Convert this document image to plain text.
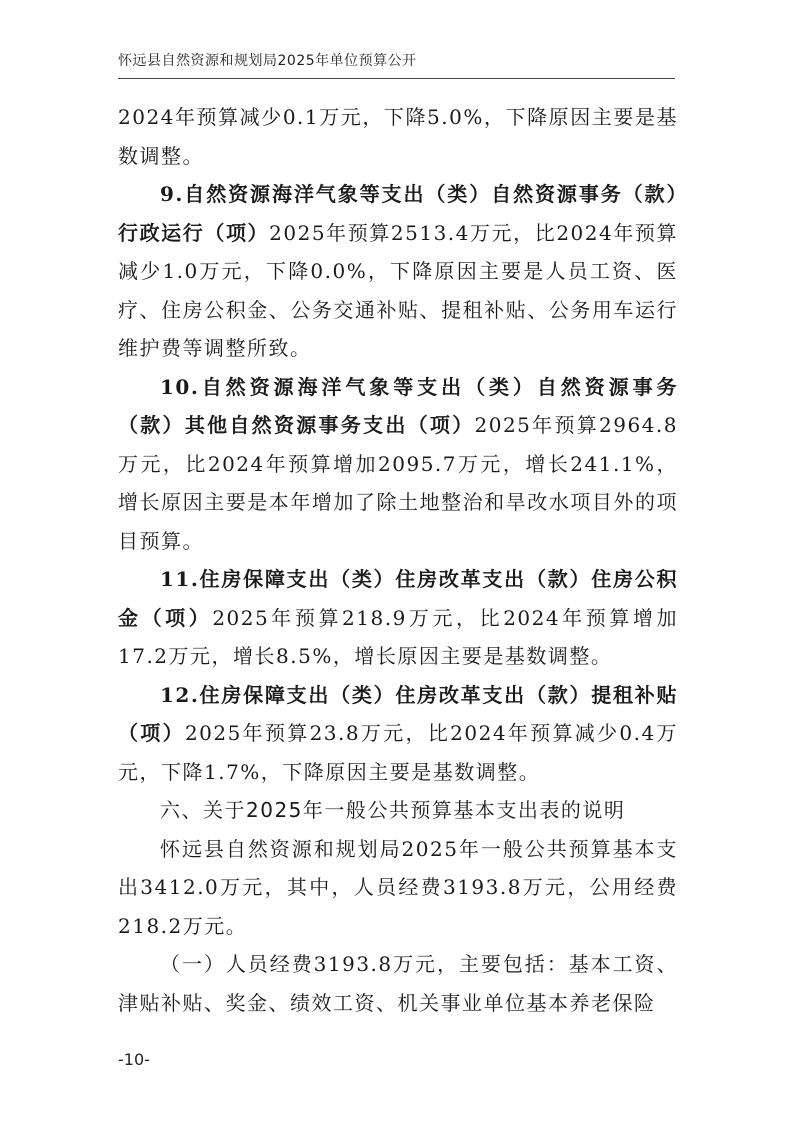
怀远县自然资源和规划局2025年单位预算公开

2024年预算减少0.1万元，下降5.0%，下降原因主要是基数调整。

9.自然资源海洋气象等支出（类）自然资源事务（款）行政运行（项）2025年预算2513.4万元，比2024年预算减少1.0万元，下降0.0%，下降原因主要是人员工资、医疗、住房公积金、公务交通补贴、提租补贴、公务用车运行维护费等调整所致。

10.自然资源海洋气象等支出（类）自然资源事务（款）其他自然资源事务支出（项）2025年预算2964.8万元，比2024年预算增加2095.7万元，增长241.1%，增长原因主要是本年增加了除土地整治和旱改水项目外的项目预算。

11.住房保障支出（类）住房改革支出（款）住房公积金（项）2025年预算218.9万元，比2024年预算增加17.2万元，增长8.5%，增长原因主要是基数调整。

12.住房保障支出（类）住房改革支出（款）提租补贴（项）2025年预算23.8万元，比2024年预算减少0.4万元，下降1.7%，下降原因主要是基数调整。

六、关于2025年一般公共预算基本支出表的说明

怀远县自然资源和规划局2025年一般公共预算基本支出3412.0万元，其中，人员经费3193.8万元，公用经费218.2万元。

（一）人员经费3193.8万元，主要包括：基本工资、津贴补贴、奖金、绩效工资、机关事业单位基本养老保险

-10-
